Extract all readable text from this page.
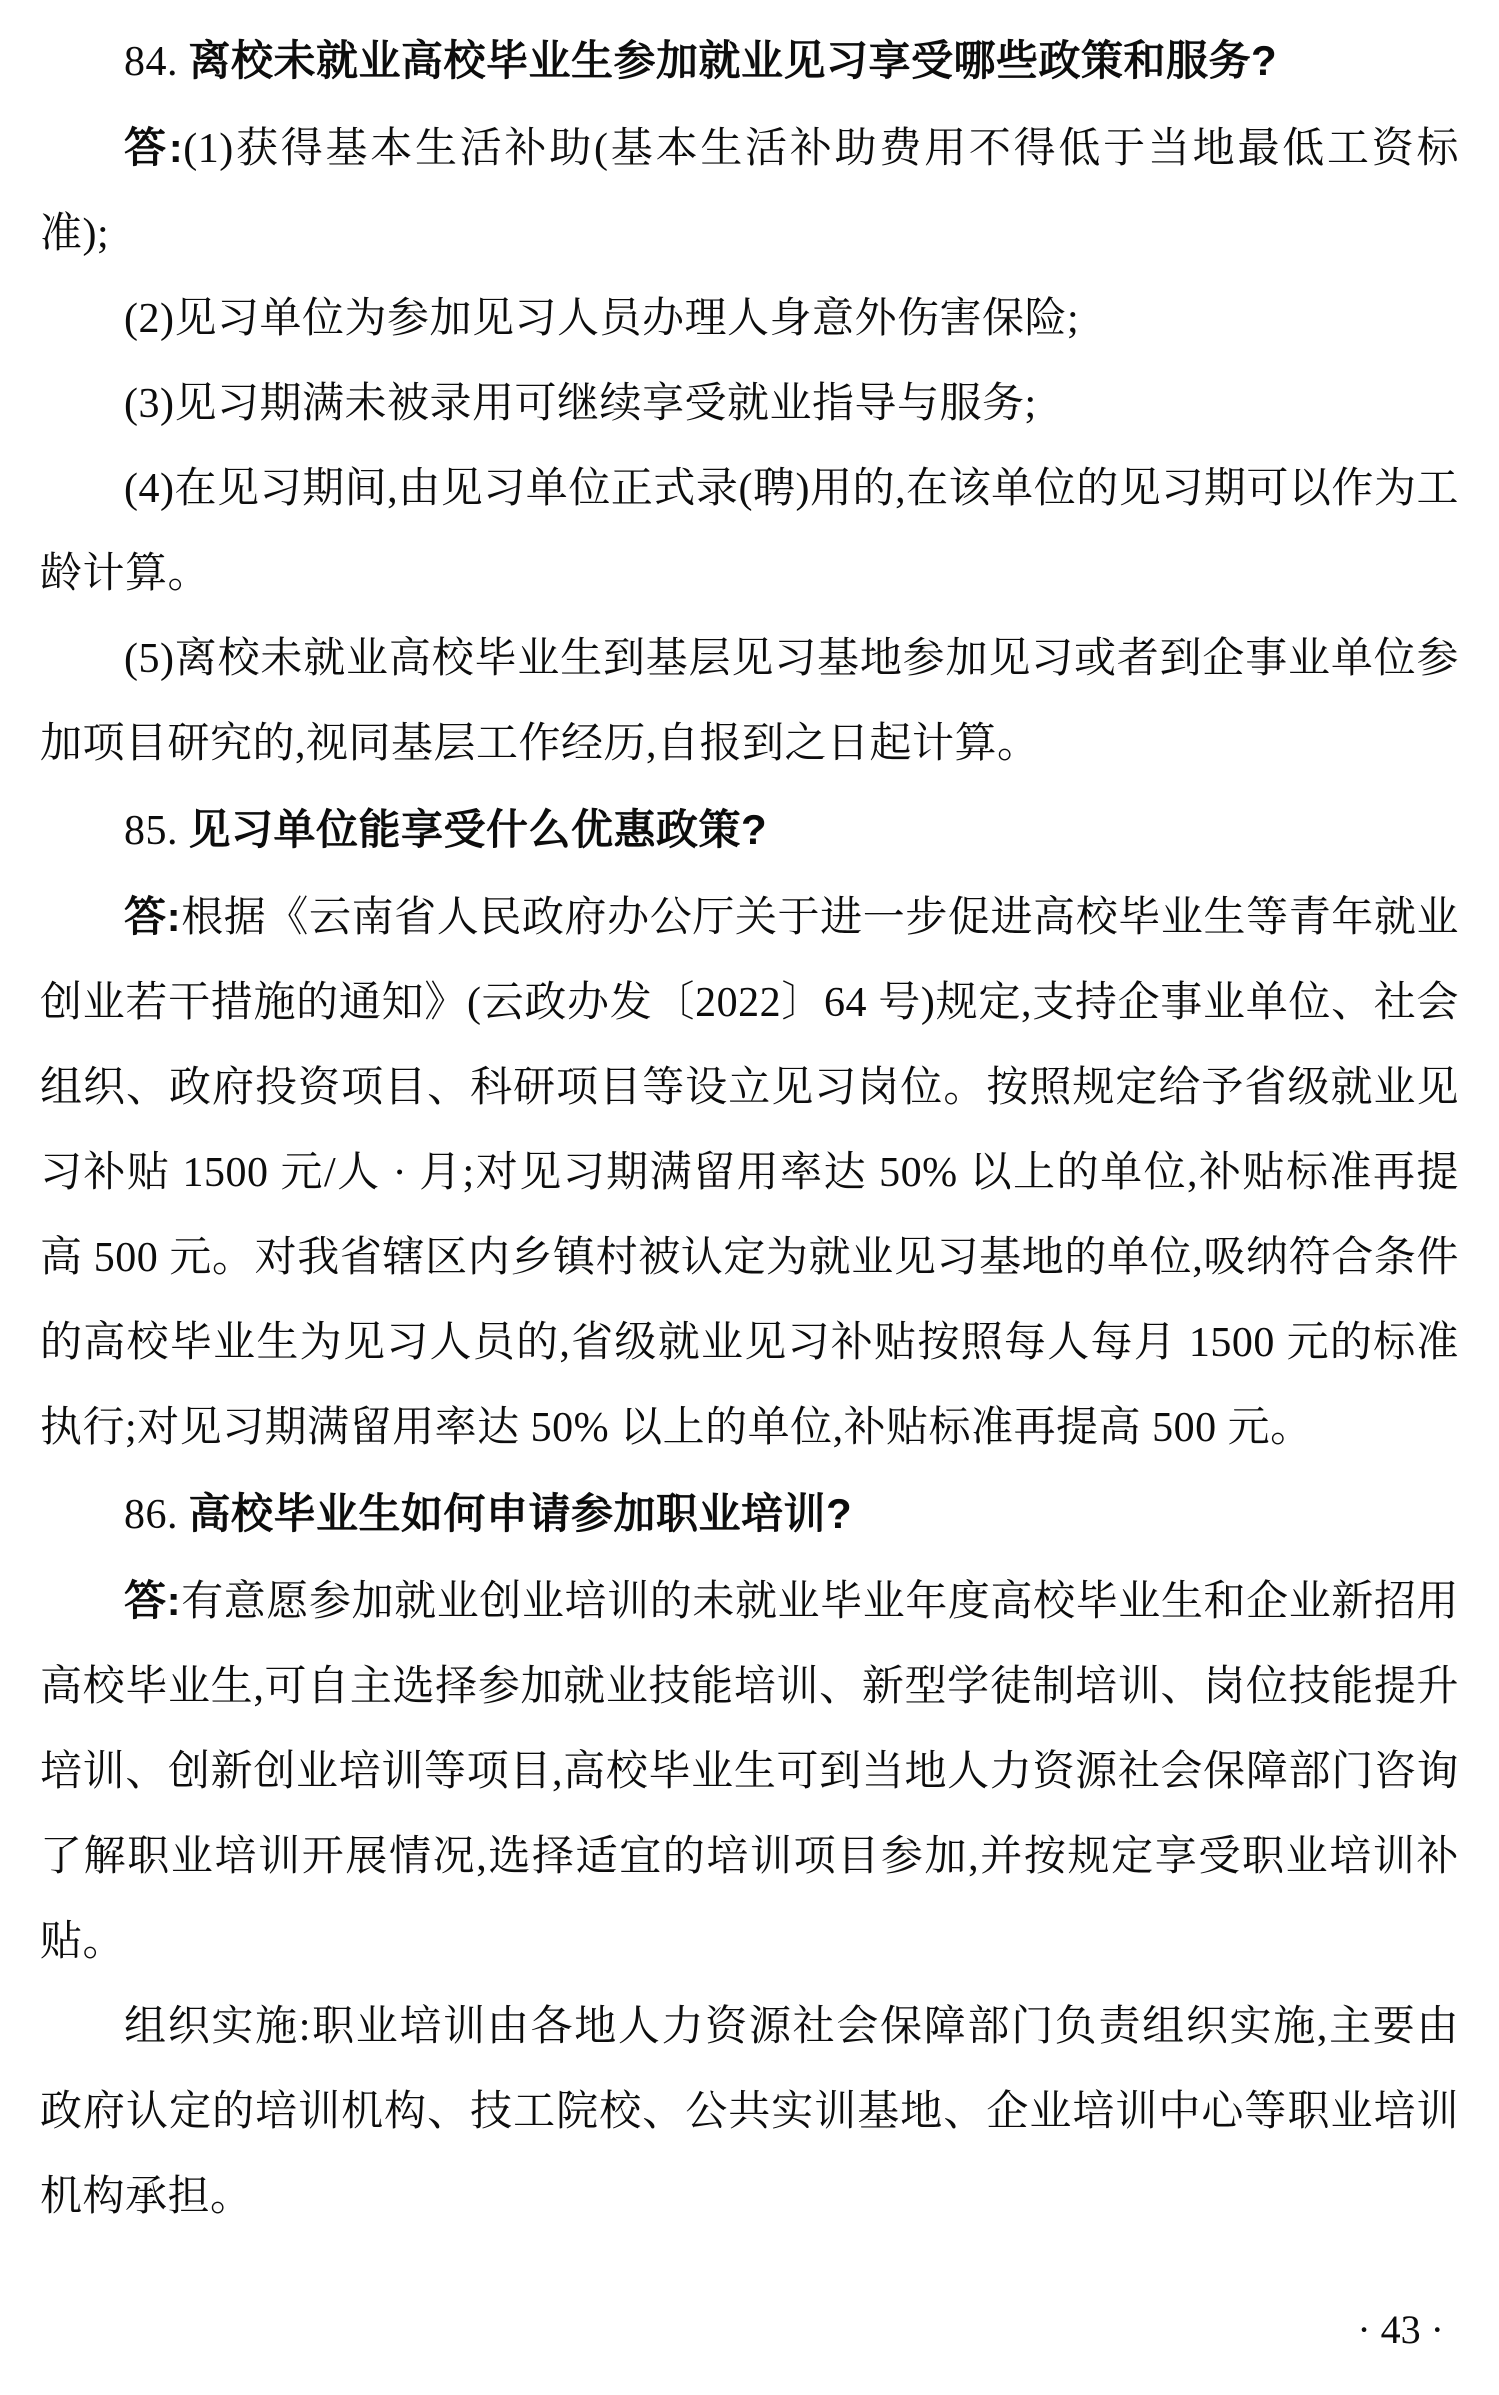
84. 离校未就业高校毕业生参加就业见习享受哪些政策和服务?
答:(1)获得基本生活补助(基本生活补助费用不得低于当地最低工资标准);
(2)见习单位为参加见习人员办理人身意外伤害保险;
(3)见习期满未被录用可继续享受就业指导与服务;
(4)在见习期间,由见习单位正式录(聘)用的,在该单位的见习期可以作为工龄计算。
(5)离校未就业高校毕业生到基层见习基地参加见习或者到企事业单位参加项目研究的,视同基层工作经历,自报到之日起计算。
85. 见习单位能享受什么优惠政策?
答:根据《云南省人民政府办公厅关于进一步促进高校毕业生等青年就业创业若干措施的通知》(云政办发〔2022〕64 号)规定,支持企事业单位、社会组织、政府投资项目、科研项目等设立见习岗位。按照规定给予省级就业见习补贴 1500 元/人 · 月;对见习期满留用率达 50% 以上的单位,补贴标准再提高 500 元。对我省辖区内乡镇村被认定为就业见习基地的单位,吸纳符合条件的高校毕业生为见习人员的,省级就业见习补贴按照每人每月 1500 元的标准执行;对见习期满留用率达 50% 以上的单位,补贴标准再提高 500 元。
86. 高校毕业生如何申请参加职业培训?
答:有意愿参加就业创业培训的未就业毕业年度高校毕业生和企业新招用高校毕业生,可自主选择参加就业技能培训、新型学徒制培训、岗位技能提升培训、创新创业培训等项目,高校毕业生可到当地人力资源社会保障部门咨询了解职业培训开展情况,选择适宜的培训项目参加,并按规定享受职业培训补贴。
组织实施:职业培训由各地人力资源社会保障部门负责组织实施,主要由政府认定的培训机构、技工院校、公共实训基地、企业培训中心等职业培训机构承担。
· 43 ·
